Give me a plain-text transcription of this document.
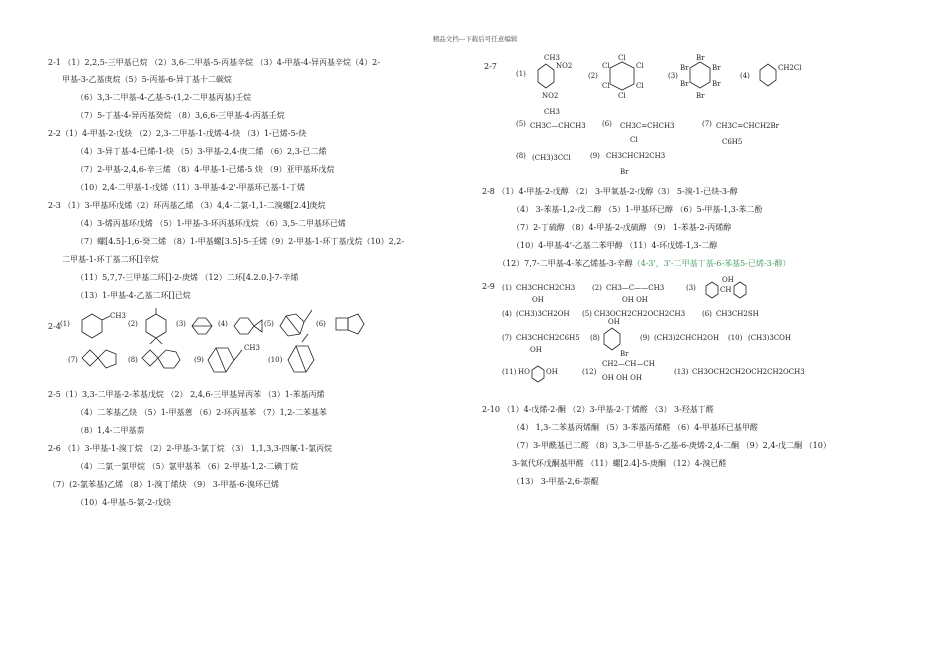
精品文档---下载后可任意编辑
2-1 （1）2,2,5-三甲基已烷 （2）3,6-二甲基-5-丙基辛烷 （3）4-甲基-4-异丙基辛烷（4）2-
甲基-3-乙基庚烷（5）5-丙基-6-异丁基十二碳烷
（6）3,3-二甲基-4-乙基-5-(1,2-二甲基丙基)壬烷
（7）5-丁基-4-异丙基癸烷 （8）3,6,6-三甲基-4-丙基壬烷
2-2（1）4-甲基-2-戊炔 （2）2,3-二甲基-1-戊烯-4-炔 （3）1-已烯-5-炔
（4）3-异丁基-4-已烯-1-炔 （5）3-甲基-2,4-庚二烯 （6）2,3-已二烯
（7）2-甲基-2,4,6-辛三烯 （8）4-甲基-1-已烯-5 炔 （9）亚甲基环戊烷
（10）2,4-二甲基-1-戊烯（11）3-甲基-4-2'-甲基环已基-1-丁烯
2-3 （1）3-甲基环戊烯（2）环丙基乙烯 （3）4,4-二氯-1,1-二溴螺[2.4]庚烷
（4）3-烯丙基环戊烯 （5）1-甲基-3-环丙基环戊烷 （6）3,5-二甲基环已烯
（7）螺[4.5]-1,6-癸二烯 （8）1-甲基螺[3.5]-5-壬烯（9）2-甲基-1-环丁基戊烷（10）2,2-
二甲基-1-环丁基二环[]辛烷
（11）5,7,7-三甲基二环[]-2-庚烯 （12）二环[4.2.0.]-7-辛烯
（13）1-甲基-4-乙基二环[]已烷
2-5（1）3,3-二甲基-2-苯基戊烷 （2） 2,4,6-三甲基异丙苯 （3）1-苯基丙烯
（4）二苯基乙炔 （5）1-甲基蒽 （6）2-环丙基苯 （7）1,2-二苯基苯
（8）1,4-二甲基萘
2-6 （1）3-甲基-1-溴丁烷 （2）2-甲基-3-氯丁烷 （3） 1,1,3,3-四氟-1-氯丙烷
（4）二氯一氯甲烷 （5）氯甲基苯 （6）2-甲基-1,2-二碘丁烷
（7）(2-氯苯基)乙烯 （8）1-溴丁烯炔 （9） 3-甲基-6-溴环已烯
（10）4-甲基-5-氯-2-戊炔
2-8 （1）4-甲基-2-戊醇 （2） 3-甲氧基-2-戊醇（3） 5-溴-1-已炔-3-醇
（4） 3-苯基-1,2-戊二醇 （5）1-甲基环已醇 （6）5-甲基-1,3-苯二酚
（7）2-丁硫醇 （8）4-甲基-2-戊硫醇 （9） 1-苯基-2-丙烯醇
（10）4-甲基-4'-乙基二苯甲醇 （11）4-环戊烯-1,3-二醇
2-10 （1）4-戊烯-2-酮 （2）3-甲基-2-丁烯醛 （3） 3-羟基丁醛
（4） 1,3-二苯基丙烯酮 （5）3-苯基丙烯醛 （6）4-甲基环已基甲醛
（7）3-甲酰基已二醛 （8）3,3-二甲基-5-乙基-6-庚烯-2,4-二酮 （9）2,4-戊二酮 （10）
3-氧代环戊酮基甲醛 （11）螺[2.4]-5-庚酮 （12）4-溴已醛
（13） 3-甲基-2,6-萘醌
（12）7,7-二甲基-4-苯乙烯基-3-辛醇（4-3'，3'-二甲基丁基-6-苯基5-已烯-3-醇）
2-4 (1)
CH3
(2)	(3)	(4)	(5)	(6)
(7)	(8)	(9)
CH3
(10)
2-7
(1)
CH3
NO2
NO2
(2)
Cl
Cl	Cl
Cl	Cl
Cl
(3)
Br
Br	Br
Br	Br
Br
(4)
CH2Cl
(5)
CH3
CH3C—CHCH3 (6) CH3C=CHCH3
Cl
(7) CH3C=CHCH2Br
C6H5
(8) (CH3)3CCl	(9) CH3CHCH2CH3
Br
2-9 (1) CH3CHCH2CH3
OH
(2) CH3—C——CH3
OH OH
(3)	CH
OH
(4) (CH3)3CH2OH (5) CH3OCH2CH2OCH2CH3 (6) CH3CH2SH
(7) CH3CHCH2C6H5
OH
(8)
OH
Br
(9) (CH3)2CHCH2OH (10) (CH3)3COH
(11) HO OH	(12)
CH2—CH—CH
OH OH OH
(13) CH3OCH2CH2OCH2CH2OCH3
